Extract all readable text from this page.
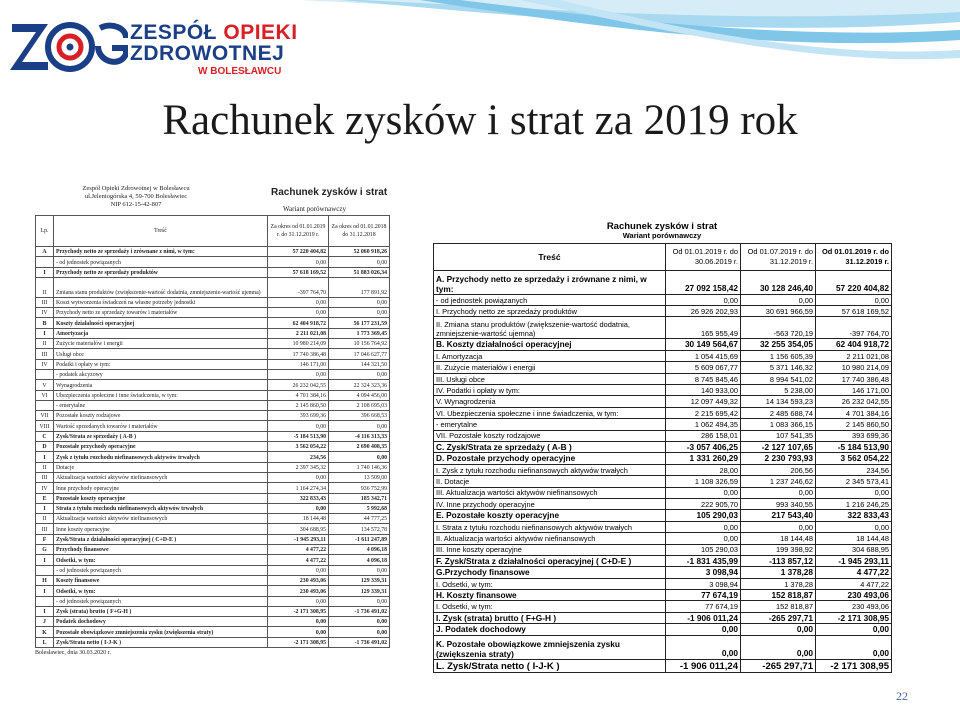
ZESPÓŁ OPIEKI
ZDROWOTNEJ
W BOLESŁAWCU
Rachunek zysków i strat za 2019 rok
Zespół Opieki Zdrowotnej w Bolesławcu
ul.Jeleniogórska 4, 59-700 Bolesławiec
NIP 612-15-42-807
Rachunek zysków i strat
Wariant porównawczy
Lp.	Treść	Za okres od 01.01.2019 r. do 31.12.2019 r.	Za okres od 01.01.2018 do 31.12.2018
A	Przychody netto ze sprzedaży i zrównane z nimi, w tym:	57 220 404,82	52 060 918,26
	- od jednostek powiązanych	0,00	0,00
I	Przychody netto ze sprzedaży produktów	57 618 169,52	51 883 026,34
II	Zmiana stanu produktów (zwiększenie-wartość dodatnia, zmniejszenie-wartość ujemna)	-397 764,70	177 891,92
III	Koszt wytworzenia świadczeń na własne potrzeby jednostki	0,00	0,00
IV	Przychody netto ze sprzedaży towarów i materiałów	0,00	0,00
B	Koszty działalności operacyjnej	62 404 918,72	56 177 231,59
I	Amortyzacja	2 211 021,08	1 773 369,45
II	Zużycie materiałów i energii	10 980 214,09	10 156 764,92
III	Usługi obce	17 740 386,48	17 046 627,77
IV	Podatki i opłaty w tym:	146 171,00	144 321,50
	- podatek akcyzowy	0,00	0,00
V	Wynagrodzenia	26 232 042,55	22 324 323,36
VI	Ubezpieczenia społeczne i inne świadczenia, w tym:	4 701 384,16	4 094 456,00
	- emerytalne	2 145 860,50	2 108 695,03
VII	Pozostałe koszty rodzajowe	393 699,36	396 668,53
VIII	Wartość sprzedanych towarów i materiałów	0,00	0,00
C	Zysk/Strata ze sprzedaży ( A-B )	-5 184 513,90	-4 116 313,33
D	Pozostałe przychody operacyjne	3 562 054,22	2 690 408,35
I	Zysk z tytułu rozchodu niefinansowych aktywów trwałych	234,56	0,00
II	Dotacje	2 397 345,32	1 740 146,36
III	Aktualizacja wartości aktywów niefinansowych	0,00	13 509,00
IV	Inne przychody operacyjne	1 164 274,34	936 752,99
E	Pozostałe koszty operacyjne	322 833,43	185 342,71
I	Strata z tytułu rozchodu niefinansowych aktywów trwałych	0,00	5 992,68
II	Aktualizacja wartości aktywów niefinansowych	18 144,48	44 777,25
III	Inne koszty operacyjne	304 688,95	134 572,78
F	Zysk/Strata z działalności operacyjnej ( C+D-E )	-1 945 293,11	-1 611 247,89
G	Przychody finansowe	4 477,22	4 096,18
I	Odsetki, w tym:	4 477,22	4 096,18
	- od jednostek powiązanych	0,00	0,00
H	Koszty finansowe	230 493,06	129 339,31
I	Odsetki, w tym:	230 493,06	129 339,31
	- od jednostek powiązanych	0,00	0,00
I	Zysk (strata) brutto ( F+G-H )	-2 171 308,95	-1 736 491,02
J	Podatek dochodowy	0,00	0,00
K	Pozostałe obowiązkowe zmniejszenia zysku (zwiększenia straty)	0,00	0,00
L	Zysk/Strata netto ( I-J-K )	-2 171 308,95	-1 736 491,02
Bolesławiec, dnia 30.03.2020 r.
Rachunek zysków i strat
Wariant porównawczy
Treść	Od 01.01.2019 r. do 30.06.2019 r.	Od 01.07.2019 r. do 31.12.2019 r.	Od 01.01.2019 r. do 31.12.2019 r.
A. Przychody netto ze sprzedaży i zrównane z nimi, w tym:	27 092 158,42	30 128 246,40	57 220 404,82
- od jednostek powiązanych	0,00	0,00	0,00
I. Przychody netto ze sprzedaży produktów	26 926 202,93	30 691 966,59	57 618 169,52
II. Zmiana stanu produktów (zwiększenie-wartość dodatnia, zmniejszenie-wartość ujemna)	165 955,49	-563 720,19	-397 764,70
B. Koszty działalności operacyjnej	30 149 564,67	32 255 354,05	62 404 918,72
I. Amortyzacja	1 054 415,69	1 156 605,39	2 211 021,08
II. Zużycie materiałów i energii	5 609 067,77	5 371 146,32	10 980 214,09
III. Usługi obce	8 745 845,46	8 994 541,02	17 740 386,48
IV. Podatki i opłaty w tym:	140 933,00	5 238,00	146 171,00
V. Wynagrodzenia	12 097 449,32	14 134 593,23	26 232 042,55
VI. Ubezpieczenia społeczne i inne świadczenia, w tym:	2 215 695,42	2 485 688,74	4 701 384,16
- emerytalne	1 062 494,35	1 083 366,15	2 145 860,50
VII. Pozostałe koszty rodzajowe	286 158,01	107 541,35	393 699,36
C. Zysk/Strata ze sprzedaży ( A-B )	-3 057 406,25	-2 127 107,65	-5 184 513,90
D. Pozostałe przychody operacyjne	1 331 260,29	2 230 793,93	3 562 054,22
I. Zysk z tytułu rozchodu niefinansowych aktywów trwałych	28,00	206,56	234,56
II. Dotacje	1 108 326,59	1 237 246,62	2 345 573,41
III. Aktualizacja wartości aktywów niefinansowych	0,00	0,00	0,00
IV. Inne przychody operacyjne	222 905,70	993 340,55	1 216 246,25
E. Pozostałe koszty operacyjne	105 290,03	217 543,40	322 833,43
I. Strata z tytułu rozchodu niefinansowych aktywów trwałych	0,00	0,00	0,00
II. Aktualizacja wartości aktywów niefinansowych	0,00	18 144,48	18 144,48
III. Inne koszty operacyjne	105 290,03	199 398,92	304 688,95
F. Zysk/Strata z działalności operacyjnej ( C+D-E )	-1 831 435,99	-113 857,12	-1 945 293,11
G.Przychody finansowe	3 098,94	1 378,28	4 477,22
I. Odsetki, w tym:	3 098,94	1 378,28	4 477,22
H. Koszty finansowe	77 674,19	152 818,87	230 493,06
I. Odsetki, w tym:	77 674,19	152 818,87	230 493,06
I. Zysk (strata) brutto ( F+G-H )	-1 906 011,24	-265 297,71	-2 171 308,95
J. Podatek dochodowy	0,00	0,00	0,00
K. Pozostałe obowiązkowe zmniejszenia zysku (zwiększenia straty)	0,00	0,00	0,00
L. Zysk/Strata netto ( I-J-K )	-1 906 011,24	-265 297,71	-2 171 308,95
22
